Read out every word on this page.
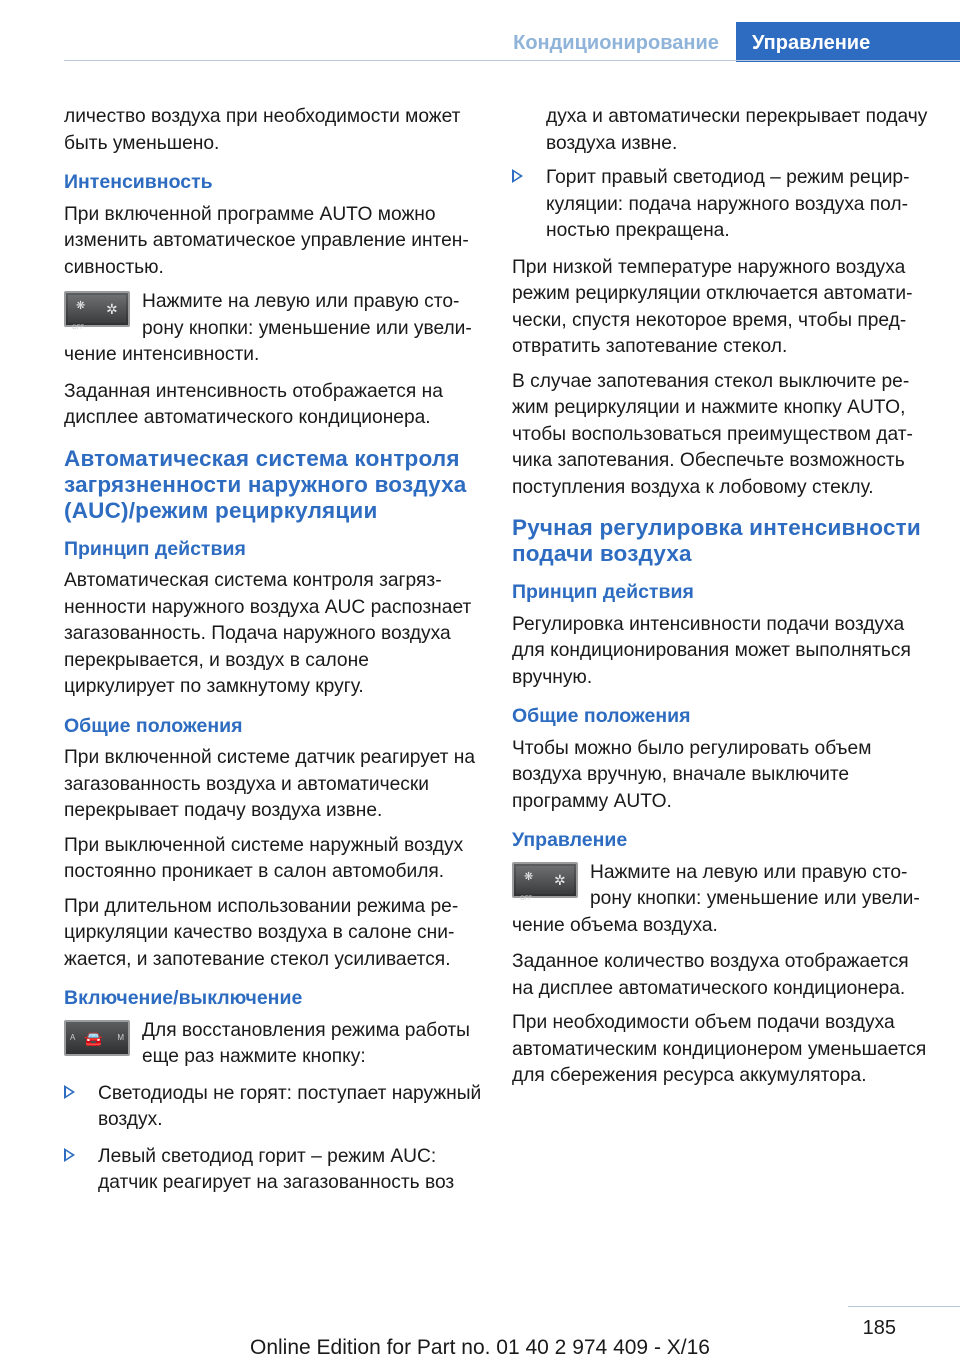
Кондиционирование	Управление

личество воздуха при необходимости может быть уменьшено.

Интенсивность

При включенной программе AUTO можно изменить автоматическое управление интенсивностью.

❋
OFF
✲ Нажмите на левую или правую сторону кнопки: уменьшение или увеличение интенсивности.

Заданная интенсивность отображается на дисплее автоматического кондиционера.

Автоматическая система контроля загрязненности наружного воздуха (AUC)/режим рециркуляции
Принцип действия

Автоматическая система контроля загрязненности наружного воздуха AUC распознает загазованность. Подача наружного воздуха перекрывается, и воздух в салоне циркулирует по замкнутому кругу.

Общие положения

При включенной системе датчик реагирует на загазованность воздуха и автоматически перекрывает подачу воздуха извне.

При выключенной системе наружный воздух постоянно проникает в салон автомобиля.

При длительном использовании режима рециркуляции качество воздуха в салоне снижается, и запотевание стекол усиливается.

Включение/выключение
A	M
🚘 Для восстановления режима работы еще раз нажмите кнопку:
Светодиоды не горят: поступает наружный воздух.
Левый светодиод горит – режим AUC: датчик реагирует на загазованность воз

духа и автоматически перекрывает подачу воздуха извне.

Горит правый светодиод – режим рециркуляции: подача наружного воздуха полностью прекращена.

При низкой температуре наружного воздуха режим рециркуляции отключается автоматически, спустя некоторое время, чтобы предотвратить запотевание стекол.

В случае запотевания стекол выключите режим рециркуляции и нажмите кнопку AUTO, чтобы воспользоваться преимуществом датчика запотевания. Обеспечьте возможность поступления воздуха к лобовому стеклу.

Ручная регулировка интенсивности подачи воздуха
Принцип действия

Регулировка интенсивности подачи воздуха для кондиционирования может выполняться вручную.

Общие положения

Чтобы можно было регулировать объем воздуха вручную, вначале выключите программу AUTO.

Управление
❋
OFF
✲ Нажмите на левую или правую сторону кнопки: уменьшение или увеличение объема воздуха.

Заданное количество воздуха отображается на дисплее автоматического кондиционера.

При необходимости объем подачи воздуха автоматическим кондиционером уменьшается для сбережения ресурса аккумулятора.

185
Online Edition for Part no. 01 40 2 974 409 - X/16
